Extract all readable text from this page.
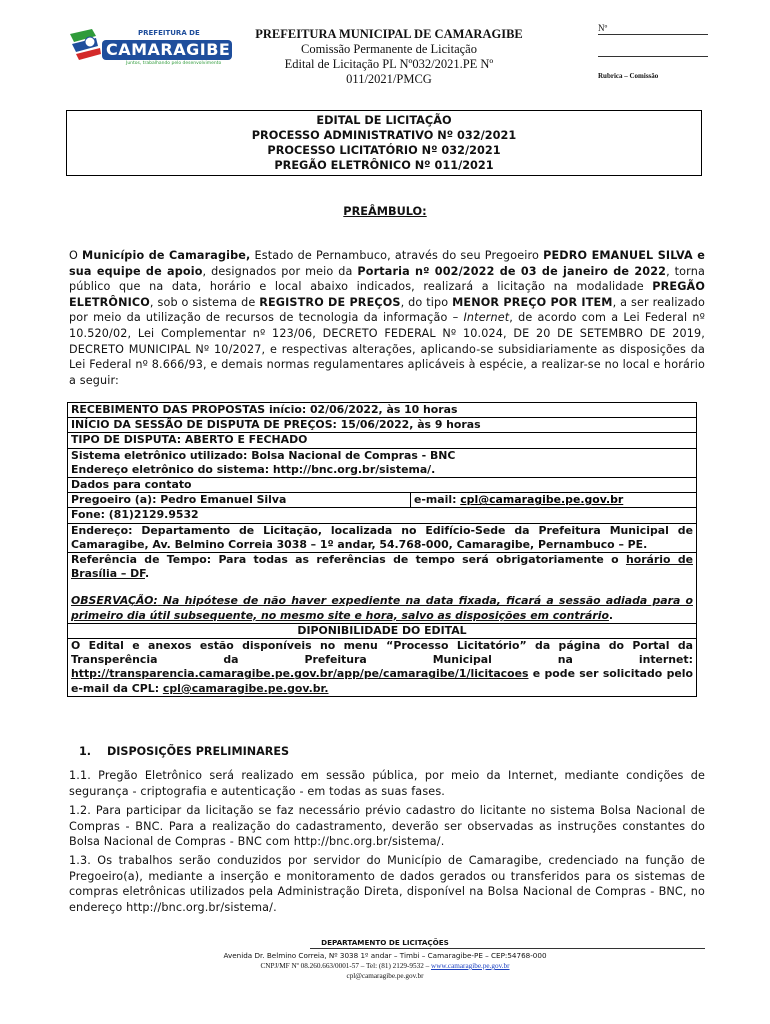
PREFEITURA DE
CAMARAGIBE
Juntos, trabalhando pelo desenvolvimento
PREFEITURA MUNICIPAL DE CAMARAGIBE
Comissão Permanente de Licitação
Edital de Licitação PL Nº032/2021.PE Nº 011/2021/PMCG
Nº
Rubrica – Comissão
EDITAL DE LICITAÇÃO
PROCESSO ADMINISTRATIVO Nº 032/2021
PROCESSO LICITATÓRIO Nº 032/2021
PREGÃO ELETRÔNICO Nº 011/2021
PREÂMBULO:
O Município de Camaragibe, Estado de Pernambuco, através do seu Pregoeiro PEDRO EMANUEL SILVA e sua equipe de apoio, designados por meio da Portaria nº 002/2022 de 03 de janeiro de 2022, torna público que na data, horário e local abaixo indicados, realizará a licitação na modalidade PREGÃO ELETRÔNICO, sob o sistema de REGISTRO DE PREÇOS, do tipo MENOR PREÇO POR ITEM, a ser realizado por meio da utilização de recursos de tecnologia da informação – Internet, de acordo com a Lei Federal nº 10.520/02, Lei Complementar nº 123/06, DECRETO FEDERAL Nº 10.024, DE 20 DE SETEMBRO DE 2019, DECRETO MUNICIPAL Nº 10/2027, e respectivas alterações, aplicando-se subsidiariamente as disposições da Lei Federal nº 8.666/93, e demais normas regulamentares aplicáveis à espécie, a realizar-se no local e horário a seguir:
RECEBIMENTO DAS PROPOSTAS início: 02/06/2022, às 10 horas
INÍCIO DA SESSÃO DE DISPUTA DE PREÇOS: 15/06/2022, às 9 horas
TIPO DE DISPUTA: ABERTO E FECHADO

Sistema eletrônico utilizado: Bolsa Nacional de Compras - BNC
Endereço eletrônico do sistema: http://bnc.org.br/sistema/.

Dados para contato
Pregoeiro (a): Pedro Emanuel Silva	e-mail: cpl@camaragibe.pe.gov.br
Fone: (81)2129.9532
Endereço: Departamento de Licitação, localizada no Edifício-Sede da Prefeitura Municipal de Camaragibe, Av. Belmino Correia 3038 – 1º andar, 54.768-000, Camaragibe, Pernambuco – PE.
Referência de Tempo: Para todas as referências de tempo será obrigatoriamente o horário de Brasília – DF.
OBSERVAÇÃO: Na hipótese de não haver expediente na data fixada, ficará a sessão adiada para o primeiro dia útil subsequente, no mesmo site e hora, salvo as disposições em contrário.
DIPONIBILIDADE DO EDITAL
O Edital e anexos estão disponíveis no menu “Processo Licitatório” da página do Portal da Transperência da Prefeitura Municipal na internet: http://transparencia.camaragibe.pe.gov.br/app/pe/camaragibe/1/licitacoes e pode ser solicitado pelo e-mail da CPL: cpl@camaragibe.pe.gov.br.
1. DISPOSIÇÕES PRELIMINARES
1.1. Pregão Eletrônico será realizado em sessão pública, por meio da Internet, mediante condições de segurança - criptografia e autenticação - em todas as suas fases.
1.2. Para participar da licitação se faz necessário prévio cadastro do licitante no sistema Bolsa Nacional de Compras - BNC. Para a realização do cadastramento, deverão ser observadas as instruções constantes do Bolsa Nacional de Compras - BNC com http://bnc.org.br/sistema/.
1.3. Os trabalhos serão conduzidos por servidor do Município de Camaragibe, credenciado na função de Pregoeiro(a), mediante a inserção e monitoramento de dados gerados ou transferidos para os sistemas de compras eletrônicas utilizados pela Administração Direta, disponível na Bolsa Nacional de Compras - BNC, no endereço http://bnc.org.br/sistema/.
DEPARTAMENTO DE LICITAÇÕES
Avenida Dr. Belmino Correia, Nº 3038 1º andar – Timbi – Camaragibe-PE – CEP:54768-000
CNPJ/MF Nº 08.260.663/0001-57 – Tel: (81) 2129-9532 – www.camaragibe.pe.gov.br
cpl@camaragibe.pe.gov.br
